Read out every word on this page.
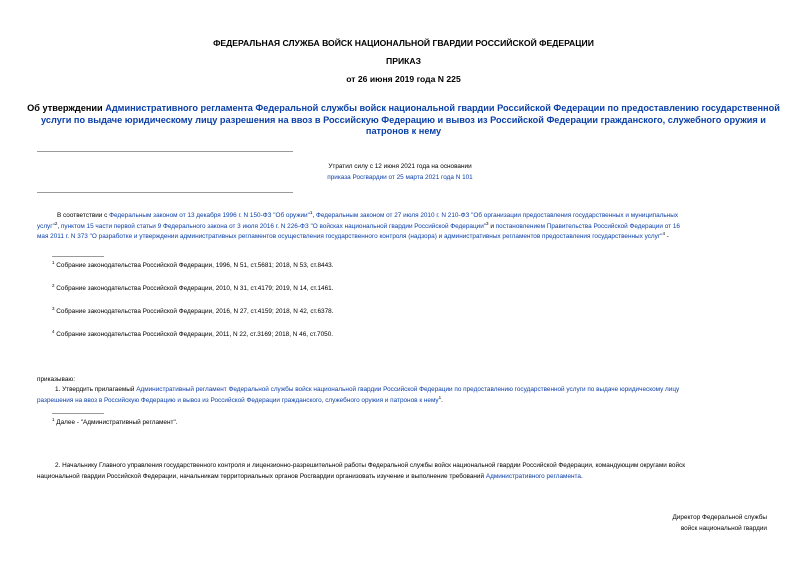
ФЕДЕРАЛЬНАЯ СЛУЖБА ВОЙСК НАЦИОНАЛЬНОЙ ГВАРДИИ РОССИЙСКОЙ ФЕДЕРАЦИИ
ПРИКАЗ
от 26 июня 2019 года N 225
Об утверждении Административного регламента Федеральной службы войск национальной гвардии Российской Федерации по предоставлению государственной
услуги по выдаче юридическому лицу разрешения на ввоз в Российскую Федерацию и вывоз из Российской Федерации гражданского, служебного оружия и
патронов к нему
Утратил силу с 12 июня 2021 года на основании
приказа Росгвардии от 25 марта 2021 года N 101
В соответствии с Федеральным законом от 13 декабря 1996 г. N 150-ФЗ "Об оружии"$^1$, Федеральным законом от 27 июля 2010 г. N 210-ФЗ "Об организации предоставления государственных и муниципальных
услуг"$^2$, пунктом 15 части первой статьи 9 Федерального закона от 3 июля 2016 г. N 226-ФЗ "О войсках национальной гвардии Российской Федерации"$^3$ и постановлением Правительства Российской Федерации от 16
мая 2011 г. N 373 "О разработке и утверждении административных регламентов осуществления государственного контроля (надзора) и административных регламентов предоставления государственных услуг"$^4$ -
$^1$ Собрание законодательства Российской Федерации, 1996, N 51, ст.5681; 2018, N 53, ст.8443.
$^2$ Собрание законодательства Российской Федерации, 2010, N 31, ст.4179; 2019, N 14, ст.1461.
$^3$ Собрание законодательства Российской Федерации, 2016, N 27, ст.4159; 2018, N 42, ст.6378.
$^4$ Собрание законодательства Российской Федерации, 2011, N 22, ст.3169; 2018, N 46, ст.7050.
приказываю:
1. Утвердить прилагаемый Административный регламент Федеральной службы войск национальной гвардии Российской Федерации по предоставлению государственной услуги по выдаче юридическому лицу
разрешения на ввоз в Российскую Федерацию и вывоз из Российской Федерации гражданского, служебного оружия и патронов к нему$^1$.
$^1$ Далее - "Административный регламент".
2. Начальнику Главного управления государственного контроля и лицензионно-разрешительной работы Федеральной службы войск национальной гвардии Российской Федерации, командующим округами войск
национальной гвардии Российской Федерации, начальникам территориальных органов Росгвардии организовать изучение и выполнение требований Административного регламента.
Директор Федеральной службы
войск национальной гвардии
